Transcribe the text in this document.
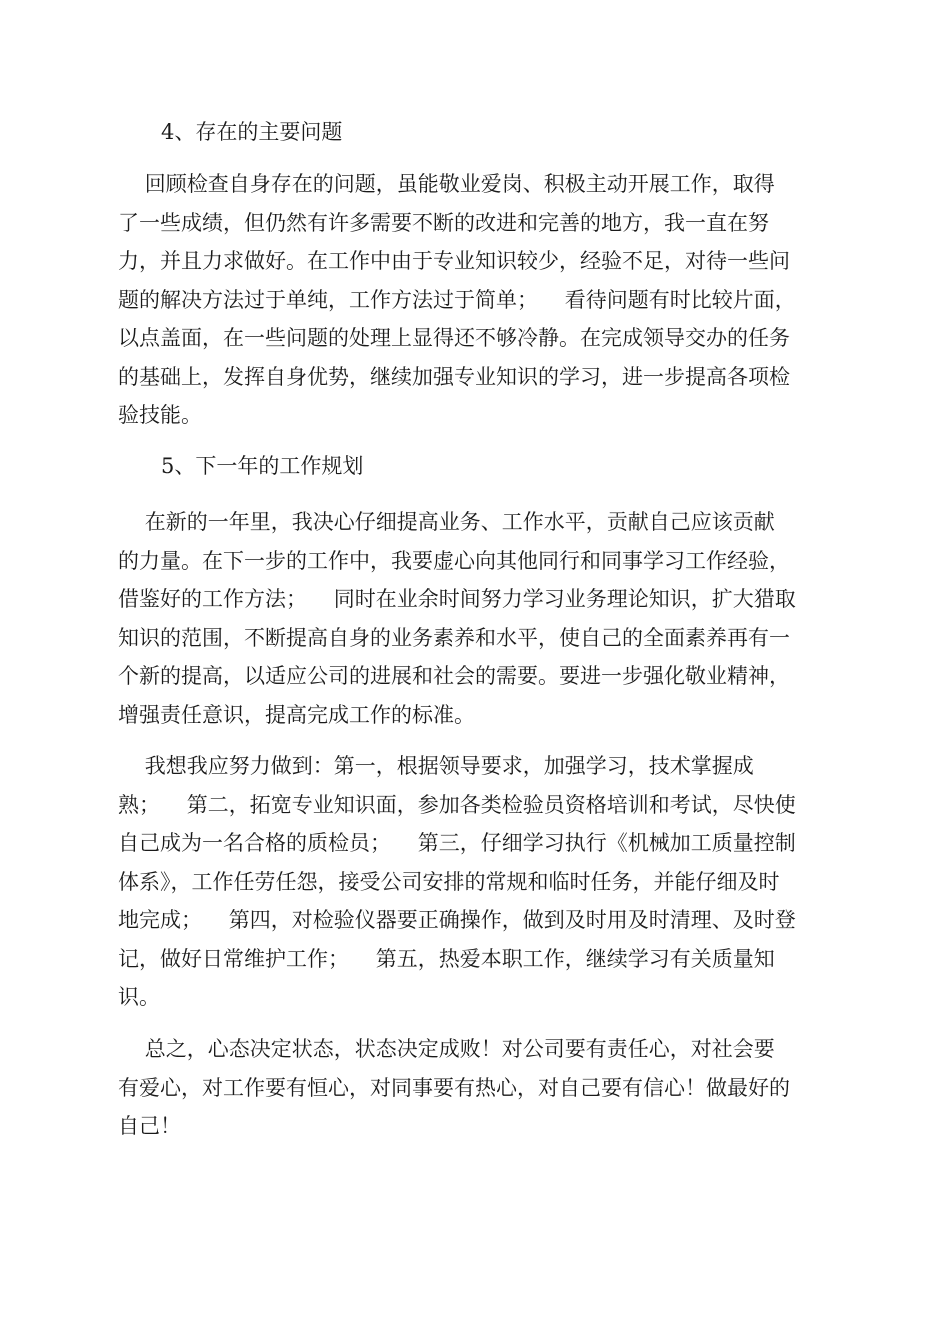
4、存在的主要问题
回顾检查自身存在的问题，虽能敬业爱岗、积极主动开展工作，取得
了一些成绩，但仍然有许多需要不断的改进和完善的地方，我一直在努
力，并且力求做好。在工作中由于专业知识较少，经验不足，对待一些问
题的解决方法过于单纯，工作方法过于简单；    看待问题有时比较片面，
以点盖面，在一些问题的处理上显得还不够冷静。在完成领导交办的任务
的基础上，发挥自身优势，继续加强专业知识的学习，进一步提高各项检
验技能。
5、下一年的工作规划
在新的一年里，我决心仔细提高业务、工作水平，贡献自己应该贡献
的力量。在下一步的工作中，我要虚心向其他同行和同事学习工作经验，
借鉴好的工作方法；    同时在业余时间努力学习业务理论知识，扩大猎取
知识的范围，不断提高自身的业务素养和水平，使自己的全面素养再有一
个新的提高，以适应公司的进展和社会的需要。要进一步强化敬业精神，
增强责任意识，提高完成工作的标准。
我想我应努力做到：第一，根据领导要求，加强学习，技术掌握成
熟；    第二，拓宽专业知识面，参加各类检验员资格培训和考试，尽快使
自己成为一名合格的质检员；    第三，仔细学习执行《机械加工质量控制
体系》，工作任劳任怨，接受公司安排的常规和临时任务，并能仔细及时
地完成；    第四，对检验仪器要正确操作，做到及时用及时清理、及时登
记，做好日常维护工作；    第五，热爱本职工作，继续学习有关质量知
识。
总之，心态决定状态，状态决定成败！对公司要有责任心，对社会要
有爱心，对工作要有恒心，对同事要有热心，对自己要有信心！做最好的
自己！
